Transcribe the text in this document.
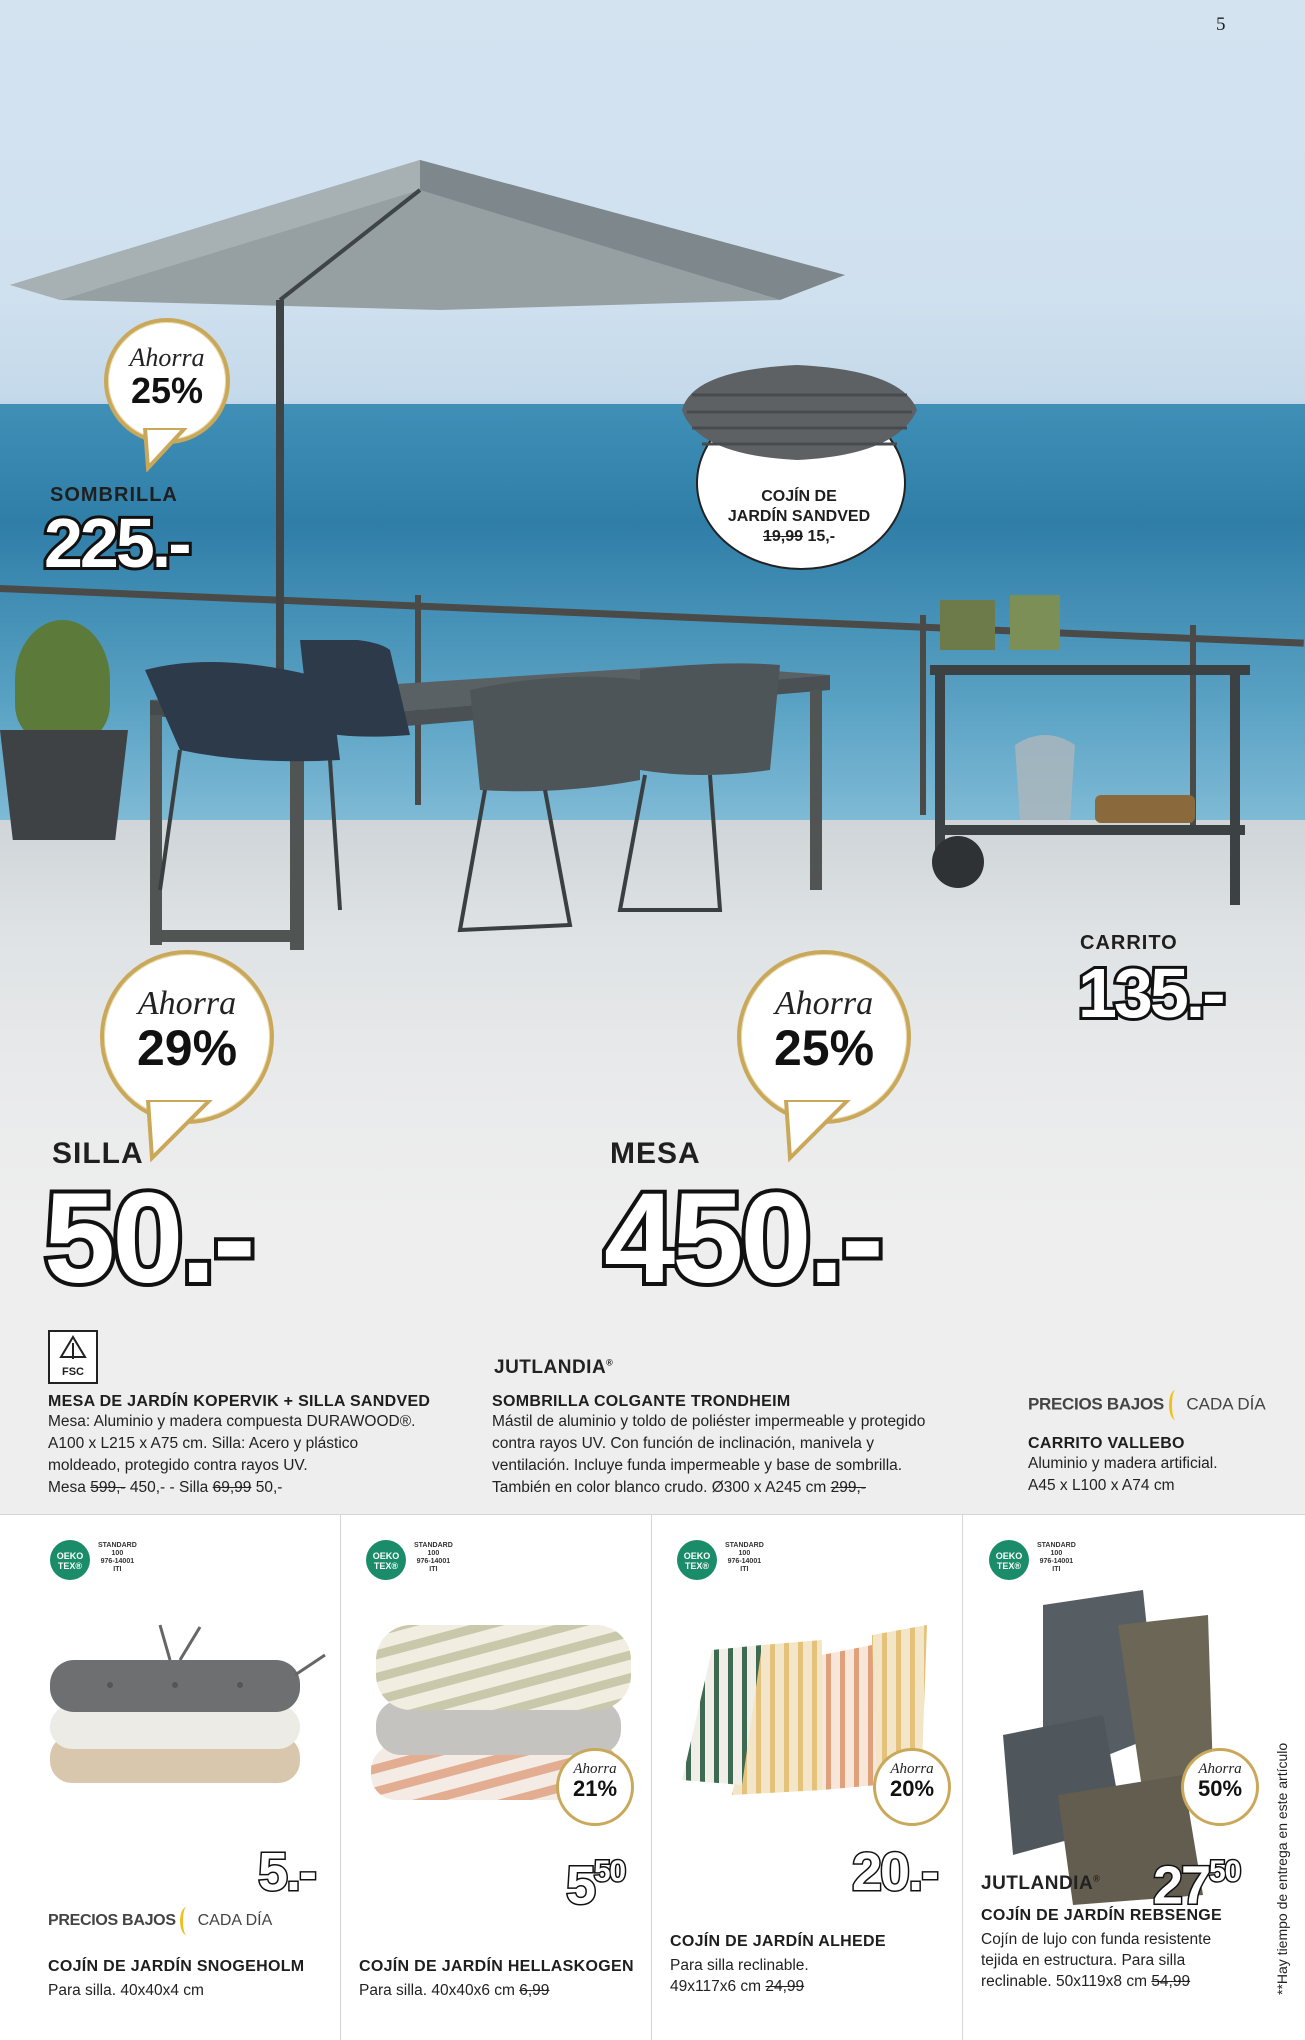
COJÍN DE
JARDÍN SANDVED
19,99 15,-
5
Ahorra
25%
SOMBRILLA
225.-
CARRITO
135.-
Ahorra
29%
SILLA
50.-
Ahorra
25%
MESA
450.-
FSC
MESA DE JARDÍN KOPERVIK + SILLA SANDVED
Mesa: Aluminio y madera compuesta DURAWOOD®.
A100 x L215 x A75 cm. Silla: Acero y plástico
moldeado, protegido contra rayos UV.
Mesa 599,- 450,- - Silla 69,99 50,-
JUTLANDIA®
SOMBRILLA COLGANTE TRONDHEIM
Mástil de aluminio y toldo de poliéster impermeable y protegido
contra rayos UV. Con función de inclinación, manivela y
ventilación. Incluye funda impermeable y base de sombrilla.
También en color blanco crudo. Ø300 x A245 cm 299,-
PRECIOS BAJOS CADA DÍA
CARRITO VALLEBO
Aluminio y madera artificial.
A45 x L100 x A74 cm
OEKO TEX®
STANDARD
100
976-14001
ITI
5.-
PRECIOS BAJOS CADA DÍA
COJÍN DE JARDÍN SNOGEHOLM
Para silla. 40x40x4 cm
OEKO TEX®
STANDARD
100
976-14001
ITI
Ahorra
21%
$5^{50}$
COJÍN DE JARDÍN HELLASKOGEN
Para silla. 40x40x6 cm 6,99
OEKO TEX®
STANDARD
100
976-14001
ITI
Ahorra
20%
20.-
COJÍN DE JARDÍN ALHEDE
Para silla reclinable.
49x117x6 cm 24,99
OEKO TEX®
STANDARD
100
976-14001
ITI
Ahorra
50%
$27^{50}$
JUTLANDIA®
COJÍN DE JARDÍN REBSENGE
Cojín de lujo con funda resistente
tejida en estructura. Para silla
reclinable. 50x119x8 cm 54,99	**Hay tiempo de entrega en este artículo
